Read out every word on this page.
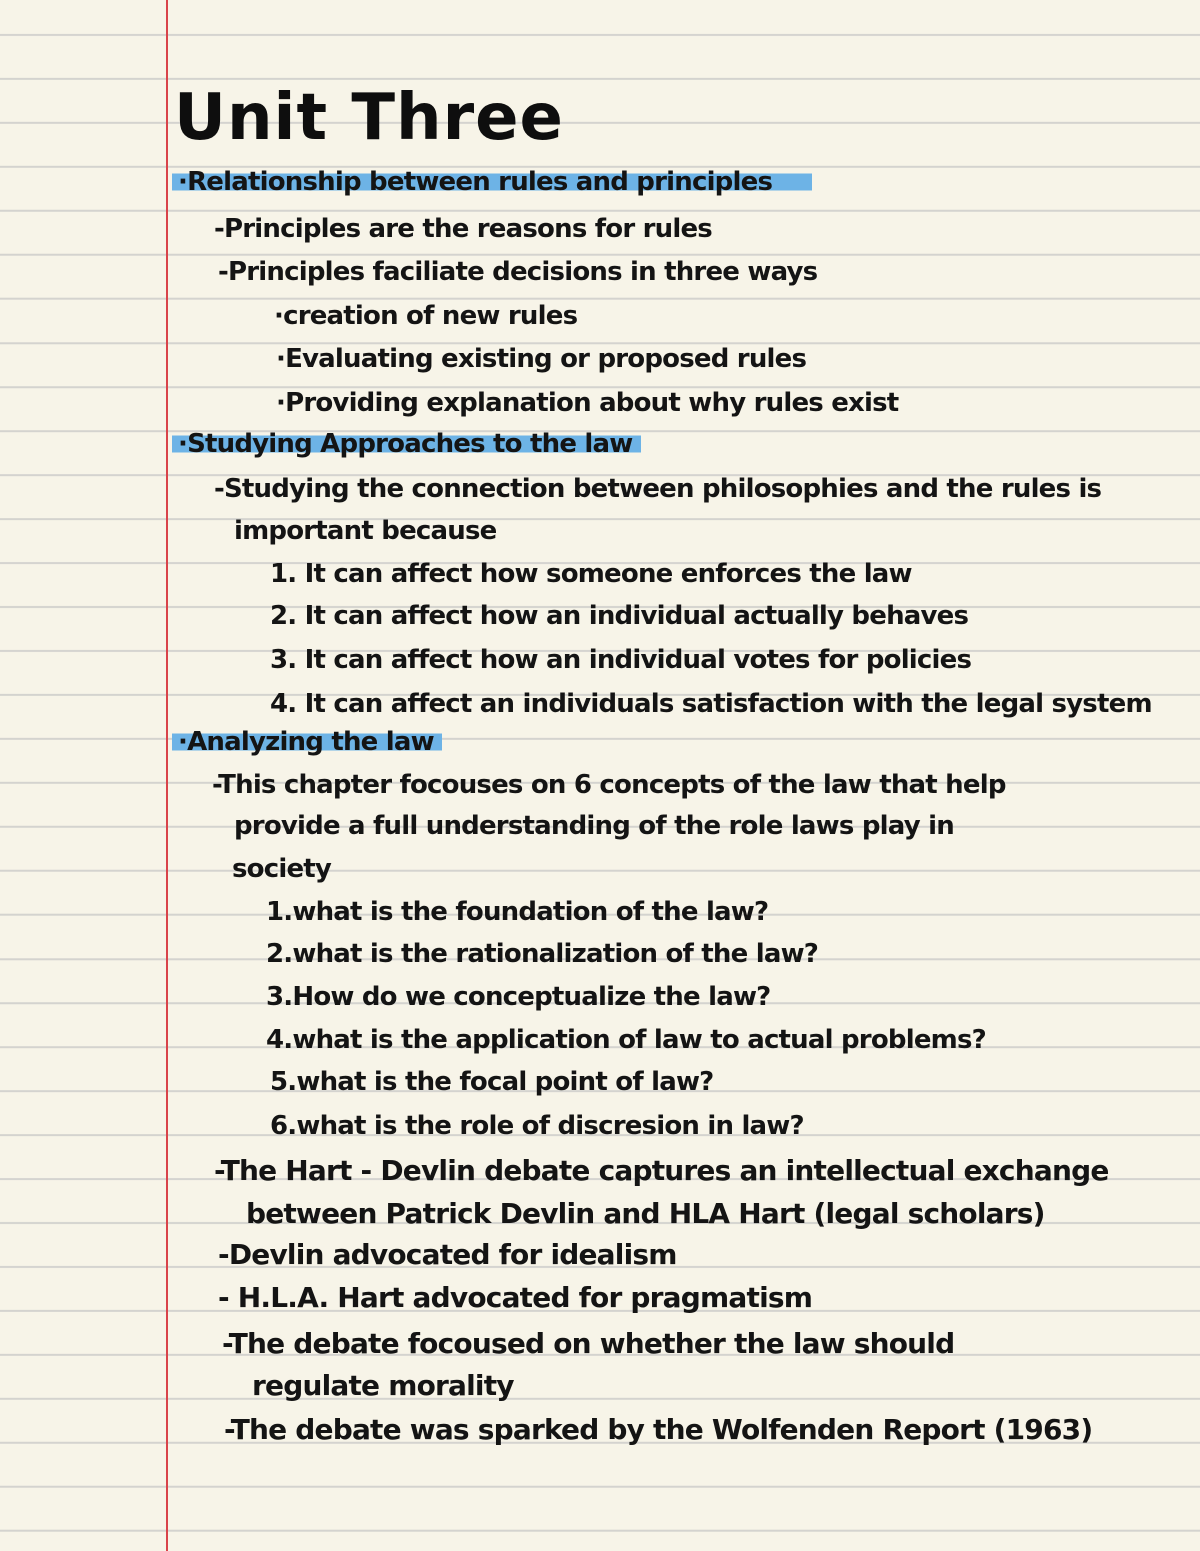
Unit Three
·Relationship between rules and principles
-Principles are the reasons for rules
-Principles faciliate decisions in three ways
·creation of new rules
·Evaluating existing or proposed rules
·Providing explanation about why rules exist
·Studying Approaches to the law
-Studying the connection between philosophies and the rules is
important because
1. It can affect how someone enforces the law
2. It can affect how an individual actually behaves
3. It can affect how an individual votes for policies
4. It can affect an individuals satisfaction with the legal system
·Analyzing the law
-This chapter focouses on 6 concepts of the law that help
provide a full understanding of the role laws play in
society
1.what is the foundation of the law?
2.what is the rationalization of the law?
3.How do we conceptualize the law?
4.what is the application of law to actual problems?
5.what is the focal point of law?
6.what is the role of discresion in law?
-The Hart - Devlin debate captures an intellectual exchange
between Patrick Devlin and HLA Hart (legal scholars)
-Devlin advocated for idealism
- H.L.A. Hart advocated for pragmatism
-The debate focoused on whether the law should
regulate morality
-The debate was sparked by the Wolfenden Report (1963)
